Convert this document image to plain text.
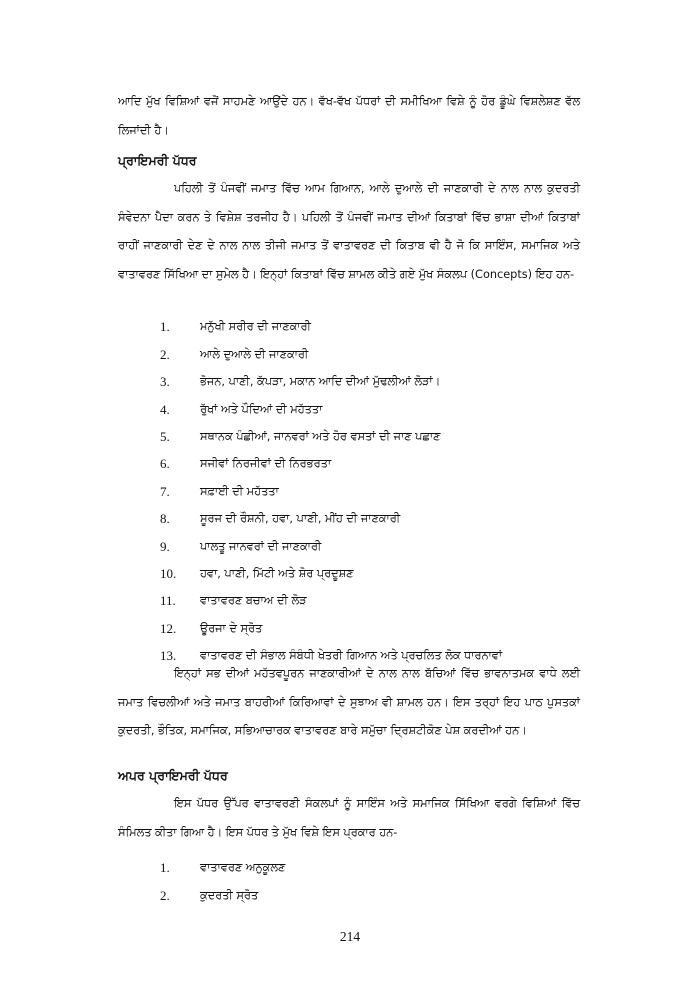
ਆਦਿ ਮੁੱਖ ਵਿਸ਼ਿਆਂ ਵਜੋਂ ਸਾਹਮਣੇ ਆਉਂਦੇ ਹਨ। ਵੱਖ-ਵੱਖ ਪੱਧਰਾਂ ਦੀ ਸਮੀਖਿਆ ਵਿਸ਼ੇ ਨੂੰ ਹੋਰ ਡੂੰਘੇ ਵਿਸ਼ਲੇਸ਼ਣ ਵੱਲ ਲਿਜਾਂਦੀ ਹੈ।

ਪ੍ਰਾਇਮਰੀ ਪੱਧਰ

ਪਹਿਲੀ ਤੋਂ ਪੰਜਵੀਂ ਜਮਾਤ ਵਿੱਚ ਆਮ ਗਿਆਨ, ਆਲੇ ਦੁਆਲੇ ਦੀ ਜਾਣਕਾਰੀ ਦੇ ਨਾਲ ਨਾਲ ਕੁਦਰਤੀ ਸੰਵੇਦਨਾ ਪੈਦਾ ਕਰਨ ਤੇ ਵਿਸ਼ੇਸ਼ ਤਰਜੀਹ ਹੈ। ਪਹਿਲੀ ਤੋਂ ਪੰਜਵੀਂ ਜਮਾਤ ਦੀਆਂ ਕਿਤਾਬਾਂ ਵਿੱਚ ਭਾਸ਼ਾ ਦੀਆਂ ਕਿਤਾਬਾਂ ਰਾਹੀਂ ਜਾਣਕਾਰੀ ਦੇਣ ਦੇ ਨਾਲ ਨਾਲ ਤੀਜੀ ਜਮਾਤ ਤੋਂ ਵਾਤਾਵਰਣ ਦੀ ਕਿਤਾਬ ਵੀ ਹੈ ਜੋ ਕਿ ਸਾਇੰਸ, ਸਮਾਜਿਕ ਅਤੇ ਵਾਤਾਵਰਣ ਸਿੱਖਿਆ ਦਾ ਸੁਮੇਲ ਹੈ। ਇਨ੍ਹਾਂ ਕਿਤਾਬਾਂ ਵਿੱਚ ਸ਼ਾਮਲ ਕੀਤੇ ਗਏ ਮੁੱਖ ਸੰਕਲਪ (Concepts) ਇਹ ਹਨ-

1.	ਮਨੁੱਖੀ ਸਰੀਰ ਦੀ ਜਾਣਕਾਰੀ
2.	ਆਲੇ ਦੁਆਲੇ ਦੀ ਜਾਣਕਾਰੀ
3.	ਭੋਜਨ, ਪਾਣੀ, ਕੱਪੜਾ, ਮਕਾਨ ਆਦਿ ਦੀਆਂ ਮੁੱਢਲੀਆਂ ਲੋੜਾਂ।
4.	ਰੁੱਖਾਂ ਅਤੇ ਪੌਦਿਆਂ ਦੀ ਮਹੱਤਤਾ
5.	ਸਥਾਨਕ ਪੰਛੀਆਂ, ਜਾਨਵਰਾਂ ਅਤੇ ਹੋਰ ਵਸਤਾਂ ਦੀ ਜਾਣ ਪਛਾਣ
6.	ਸਜੀਵਾਂ ਨਿਰਜੀਵਾਂ ਦੀ ਨਿਰਭਰਤਾ
7.	ਸਫ਼ਾਈ ਦੀ ਮਹੱਤਤਾ
8.	ਸੂਰਜ ਦੀ ਰੌਸ਼ਨੀ, ਹਵਾ, ਪਾਣੀ, ਮੀਂਹ ਦੀ ਜਾਣਕਾਰੀ
9.	ਪਾਲਤੂ ਜਾਨਵਰਾਂ ਦੀ ਜਾਣਕਾਰੀ
10.	ਹਵਾ, ਪਾਣੀ, ਮਿੱਟੀ ਅਤੇ ਸ਼ੋਰ ਪ੍ਰਦੂਸ਼ਣ
11.	ਵਾਤਾਵਰਣ ਬਚਾਅ ਦੀ ਲੋੜ
12.	ਊਰਜਾ ਦੇ ਸ੍ਰੋਤ
13.	ਵਾਤਾਵਰਣ ਦੀ ਸੰਭਾਲ ਸੰਬੰਧੀ ਖੇਤਰੀ ਗਿਆਨ ਅਤੇ ਪ੍ਰਚਲਿਤ ਲੋਕ ਧਾਰਨਾਵਾਂ

ਇਨ੍ਹਾਂ ਸਭ ਦੀਆਂ ਮਹੱਤਵਪੂਰਨ ਜਾਣਕਾਰੀਆਂ ਦੇ ਨਾਲ ਨਾਲ ਬੱਚਿਆਂ ਵਿੱਚ ਭਾਵਨਾਤਮਕ ਵਾਧੇ ਲਈ ਜਮਾਤ ਵਿਚਲੀਆਂ ਅਤੇ ਜਮਾਤ ਬਾਹਰੀਆਂ ਕਿਰਿਆਵਾਂ ਦੇ ਸੁਝਾਅ ਵੀ ਸ਼ਾਮਲ ਹਨ। ਇਸ ਤਰ੍ਹਾਂ ਇਹ ਪਾਠ ਪੁਸਤਕਾਂ ਕੁਦਰਤੀ, ਭੌਤਿਕ, ਸਮਾਜਿਕ, ਸਭਿਆਚਾਰਕ ਵਾਤਾਵਰਣ ਬਾਰੇ ਸਮੁੱਚਾ ਦ੍ਰਿਸ਼ਟੀਕੋਣ ਪੇਸ਼ ਕਰਦੀਆਂ ਹਨ।

ਅਪਰ ਪ੍ਰਾਇਮਰੀ ਪੱਧਰ

ਇਸ ਪੱਧਰ ਉੱਪਰ ਵਾਤਾਵਰਣੀ ਸੰਕਲਪਾਂ ਨੂੰ ਸਾਇੰਸ ਅਤੇ ਸਮਾਜਿਕ ਸਿੱਖਿਆ ਵਰਗੇ ਵਿਸ਼ਿਆਂ ਵਿੱਚ ਸੰਮਿਲਤ ਕੀਤਾ ਗਿਆ ਹੈ। ਇਸ ਪੱਧਰ ਤੇ ਮੁੱਖ ਵਿਸ਼ੇ ਇਸ ਪ੍ਰਕਾਰ ਹਨ-

1.	ਵਾਤਾਵਰਣ ਅਨੁਕੂਲਣ
2.	ਕੁਦਰਤੀ ਸ੍ਰੋਤ
214
